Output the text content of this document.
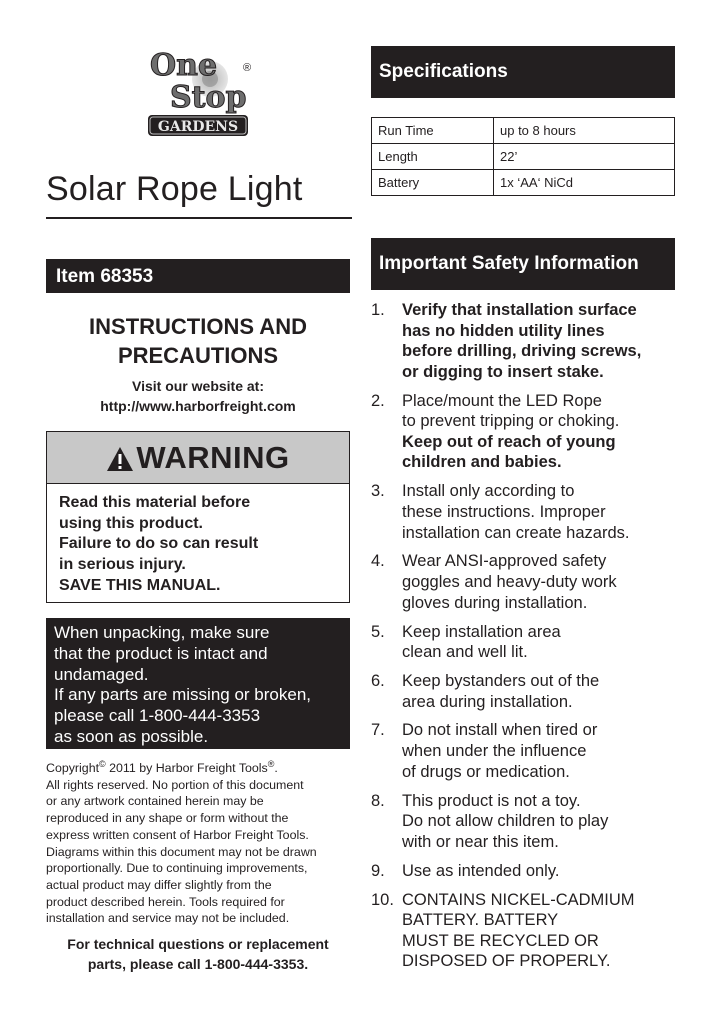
One
Stop
®
GARDENS
Solar Rope Light
Item 68353
INSTRUCTIONS AND
PRECAUTIONS
Visit our website at:
http://www.harborfreight.com
WARNING
Read this material before
using this product.
Failure to do so can result
in serious injury.
SAVE THIS MANUAL.
When unpacking, make sure
that the product is intact and
undamaged.
If any parts are missing or broken,
please call 1-800-444-3353
as soon as possible.
Copyright© 2011 by Harbor Freight Tools®.
All rights reserved. No portion of this document
or any artwork contained herein may be
reproduced in any shape or form without the
express written consent of Harbor Freight Tools.
Diagrams within this document may not be drawn
proportionally. Due to continuing improvements,
actual product may differ slightly from the
product described herein. Tools required for
installation and service may not be included.
For technical questions or replacement
parts, please call 1-800-444-3353.
Specifications
Run Time	up to 8 hours
Length	22’
Battery	1x ‘AA‘ NiCd
Important Safety Information
1.	Verify that installation surface
has no hidden utility lines
before drilling, driving screws,
or digging to insert stake.
2.	Place/mount the LED Rope
to prevent tripping or choking.
Keep out of reach of young
children and babies.
3.	Install only according to
these instructions. Improper
installation can create hazards.
4.	Wear ANSI-approved safety
goggles and heavy-duty work
gloves during installation.
5.	Keep installation area
clean and well lit.
6.	Keep bystanders out of the
area during installation.
7.	Do not install when tired or
when under the influence
of drugs or medication.
8.	This product is not a toy.
Do not allow children to play
with or near this item.
9.	Use as intended only.
10. CONTAINS NICKEL-CADMIUM
BATTERY. BATTERY
MUST BE RECYCLED OR
DISPOSED OF PROPERLY.
